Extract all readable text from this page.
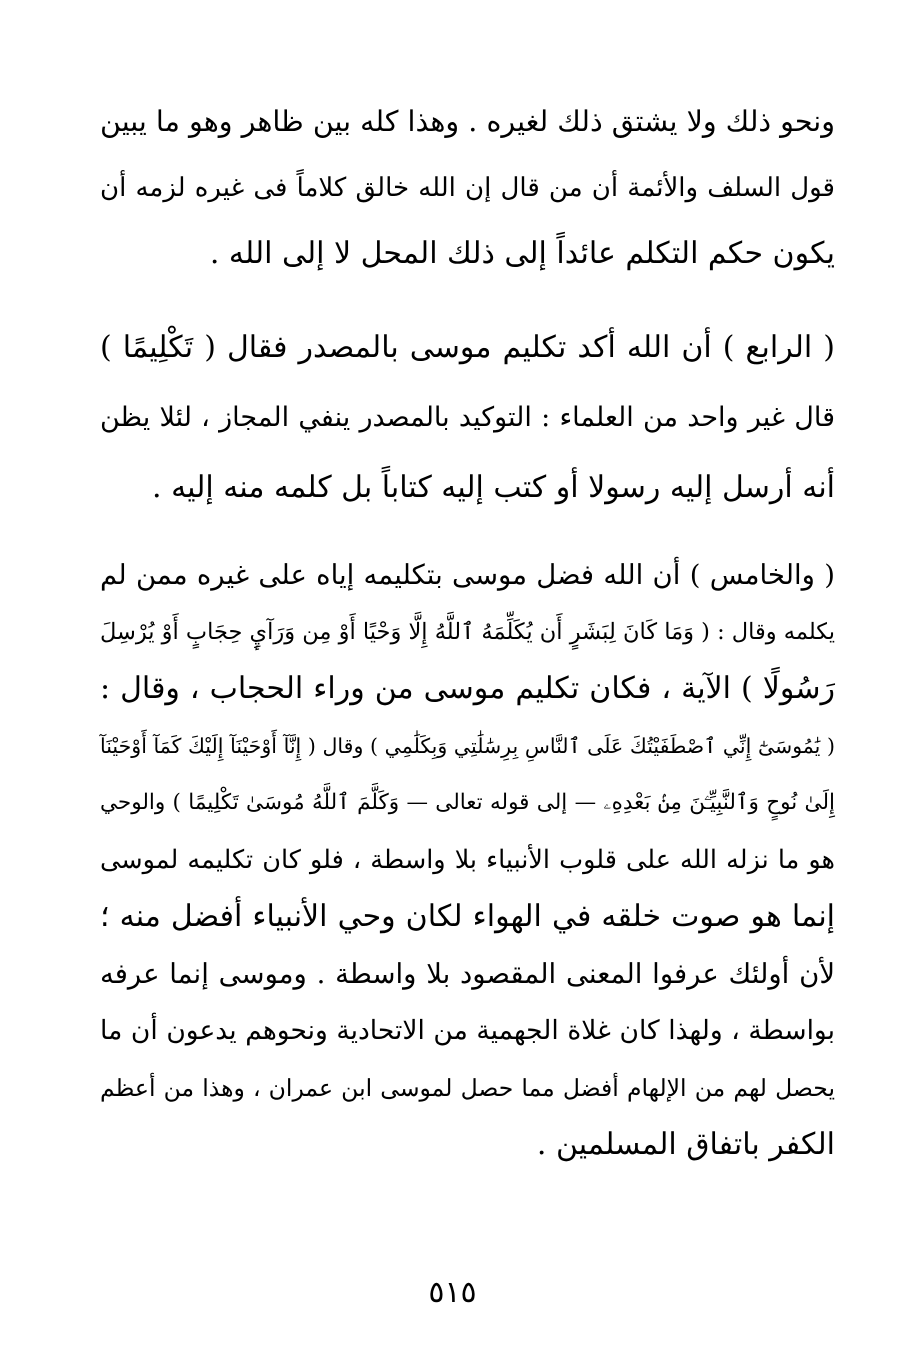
ونحو ذلك ولا يشتق ذلك لغيره . وهذا كله بين ظاهر وهو ما يبين
قول السلف والأئمة أن من قال إن الله خالق كلاماً فى غيره لزمه أن
يكون حكم التكلم عائداً إلى ذلك المحل لا إلى الله .
( الرابع ) أن الله أكد تكليم موسى بالمصدر فقال ( تَكْلِيمًا )
قال غير واحد من العلماء : التوكيد بالمصدر ينفي المجاز ، لئلا يظن
أنه أرسل إليه رسولا أو كتب إليه كتاباً بل كلمه منه إليه .
( والخامس ) أن الله فضل موسى بتكليمه إياه على غيره ممن لم
يكلمه وقال : ( وَمَا كَانَ لِبَشَرٍ أَن يُكَلِّمَهُ ٱللَّهُ إِلَّا وَحْيًا أَوْ مِن وَرَآيِٕ حِجَابٍ أَوْ يُرْسِلَ
رَسُولًا ) الآية ، فكان تكليم موسى من وراء الحجاب ، وقال :
( يَٰمُوسَىٰٓ إِنِّي ٱصْطَفَيْتُكَ عَلَى ٱلنَّاسِ بِرِسَٰلَٰتِي وَبِكَلَٰمِي ) وقال ( إِنَّآ أَوْحَيْنَآ إِلَيْكَ كَمَآ أَوْحَيْنَآ
إِلَىٰ نُوحٍ وَٱلنَّبِيِّـۧنَ مِنۢ بَعْدِهِۦ — إلى قوله تعالى — وَكَلَّمَ ٱللَّهُ مُوسَىٰ تَكْلِيمًا ) والوحي
هو ما نزله الله على قلوب الأنبياء بلا واسطة ، فلو كان تكليمه لموسى
إنما هو صوت خلقه في الهواء لكان وحي الأنبياء أفضل منه ؛
لأن أولئك عرفوا المعنى المقصود بلا واسطة . وموسى إنما عرفه
بواسطة ، ولهذا كان غلاة الجهمية من الاتحادية ونحوهم يدعون أن ما
يحصل لهم من الإلهام أفضل مما حصل لموسى ابن عمران ، وهذا من أعظم
الكفر باتفاق المسلمين .
٥١٥
